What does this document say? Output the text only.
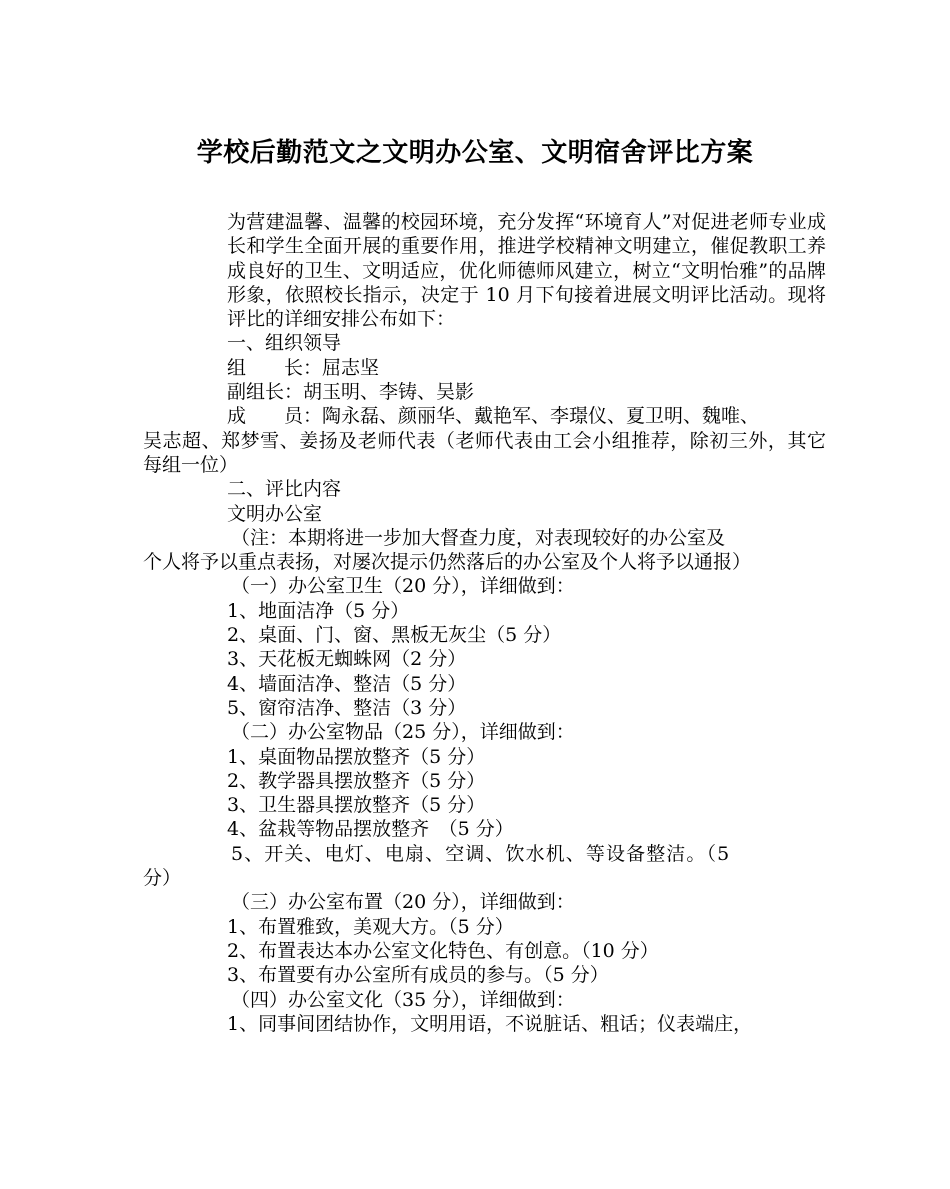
学校后勤范文之文明办公室、文明宿舍评比方案

为营建温馨、温馨的校园环境，充分发挥“环境育人”对促进老师专业成长和学生全面开展的重要作用，推进学校精神文明建立，催促教职工养成良好的卫生、文明适应，优化师德师风建立，树立“文明怡雅”的品牌形象，依照校长指示，决定于 10 月下旬接着进展文明评比活动。现将评比的详细安排公布如下：

一、组织领导

组　　长：屈志坚

副组长：胡玉明、李铸、吴影

成　　员：陶永磊、颜丽华、戴艳军、李璟仪、夏卫明、魏唯、

吴志超、郑梦雪、姜扬及老师代表（老师代表由工会小组推荐，除初三外，其它每组一位）

二、评比内容

文明办公室

（注：本期将进一步加大督查力度，对表现较好的办公室及

个人将予以重点表扬，对屡次提示仍然落后的办公室及个人将予以通报）

（一）办公室卫生（20 分），详细做到：

1、地面洁净（5 分）

2、桌面、门、窗、黑板无灰尘（5 分）

3、天花板无蜘蛛网（2 分）

4、墙面洁净、整洁（5 分）

5、窗帘洁净、整洁（3 分）

（二）办公室物品（25 分），详细做到：

1、桌面物品摆放整齐（5 分）

2、教学器具摆放整齐（5 分）

3、卫生器具摆放整齐（5 分）

4、盆栽等物品摆放整齐　（5 分）

5、开关、电灯、电扇、空调、饮水机、等设备整洁。（5

分）

（三）办公室布置（20 分），详细做到：

1、布置雅致，美观大方。（5 分）

2、布置表达本办公室文化特色、有创意。（10 分）

3、布置要有办公室所有成员的参与。（5 分）

（四）办公室文化（35 分），详细做到：

1、同事间团结协作，文明用语，不说脏话、粗话；仪表端庄，
